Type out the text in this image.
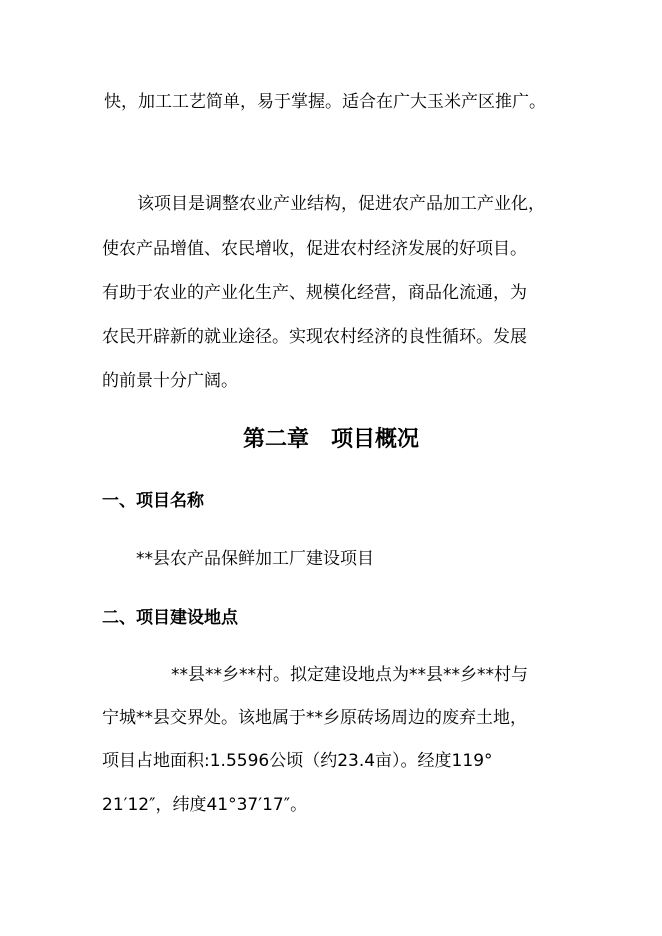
快，加工工艺简单，易于掌握。适合在广大玉米产区推广。
该项目是调整农业产业结构，促进农产品加工产业化，
使农产品增值、农民增收，促进农村经济发展的好项目。
有助于农业的产业化生产、规模化经营，商品化流通，为
农民开辟新的就业途径。实现农村经济的良性循环。发展
的前景十分广阔。
第二章　项目概况
一、项目名称
**县农产品保鲜加工厂建设项目
二、项目建设地点
**县**乡**村。拟定建设地点为**县**乡**村与
宁城**县交界处。该地属于**乡原砖场周边的废弃土地，
项目占地面积:1.5596公顷（约23.4亩）。经度119°
21′12″，纬度41°37′17″。
